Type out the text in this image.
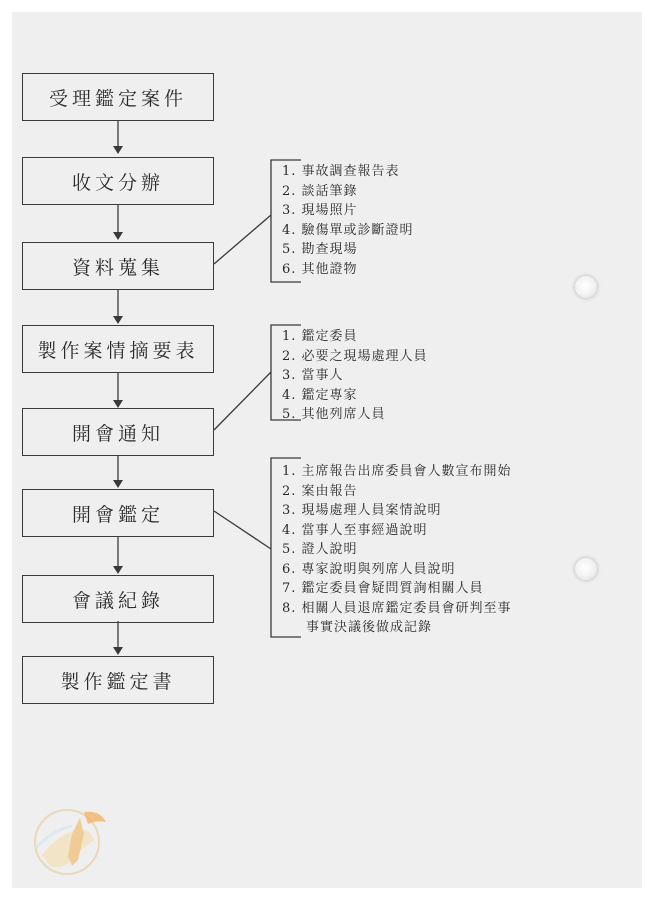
受理鑑定案件
收文分辦
資料蒐集
製作案情摘要表
開會通知
開會鑑定
會議紀錄
製作鑑定書
1. 事故調查報告表
2. 談話筆錄
3. 現場照片
4. 驗傷單或診斷證明
5. 勘查現場
6. 其他證物
1. 鑑定委員
2. 必要之現場處理人員
3. 當事人
4. 鑑定專家
5. 其他列席人員
1. 主席報告出席委員會人數宣布開始
2. 案由報告
3. 現場處理人員案情說明
4. 當事人至事經過說明
5. 證人說明
6. 專家說明與列席人員說明
7. 鑑定委員會疑問質詢相關人員
8. 相關人員退席鑑定委員會研判至事
事實決議後做成記錄
